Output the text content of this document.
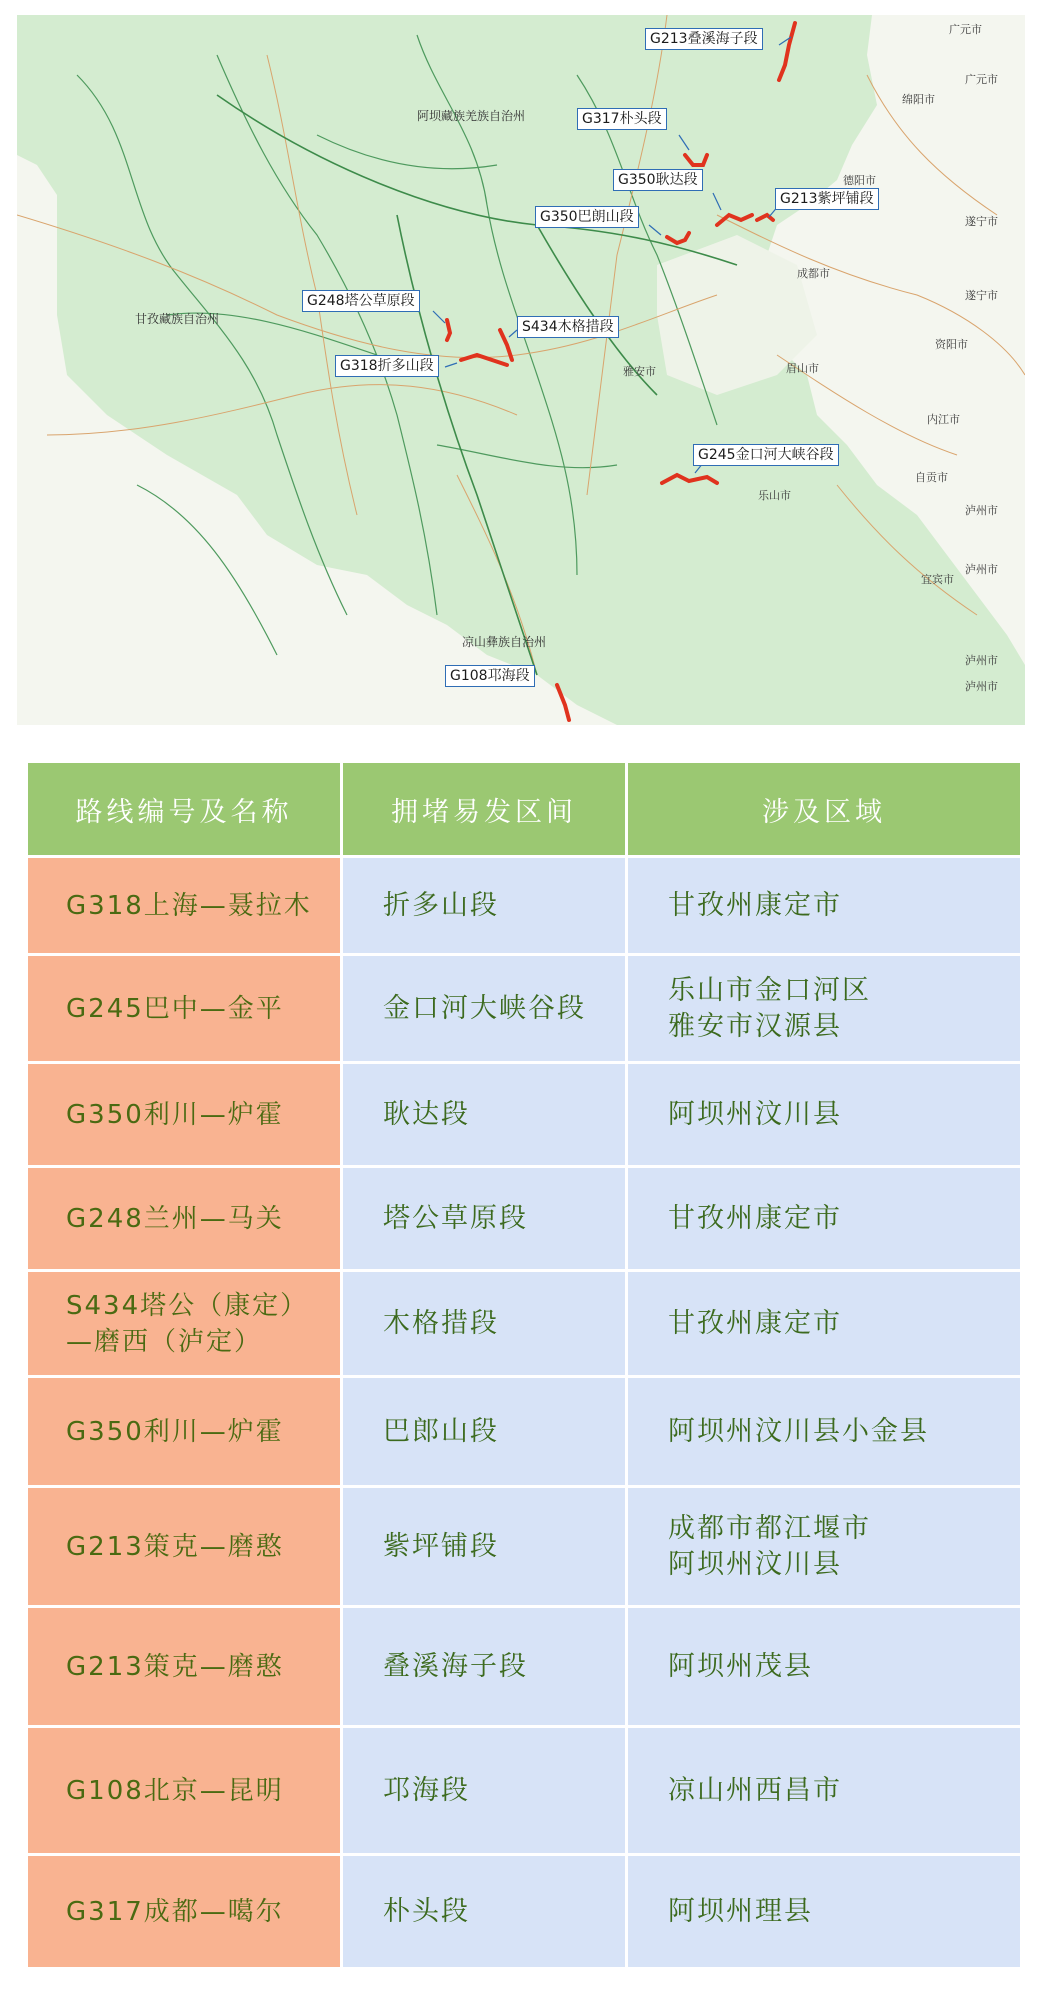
阿坝藏族羌族自治州
甘孜藏族自治州
凉山彝族自治州
广元市
广元市
绵阳市
德阳市
遂宁市
遂宁市
成都市
资阳市
雅安市	眉山市
内江市
自贡市
乐山市
泸州市
泸州市
宜宾市
泸州市
泸州市
G213叠溪海子段
G317朴头段
G350耿达段
G213紫坪铺段
G350巴朗山段
G248塔公草原段
S434木格措段
G318折多山段
G245金口河大峡谷段
G108邛海段
路线编号及名称	拥堵易发区间	涉及区域

G318上海—聂拉木	折多山段	甘孜州康定市

G245巴中—金平	金口河大峡谷段	乐山市金口河区
雅安市汉源县

G350利川—炉霍	耿达段	阿坝州汶川县

G248兰州—马关	塔公草原段	甘孜州康定市

S434塔公（康定）
—磨西（泸定）	木格措段	甘孜州康定市

G350利川—炉霍	巴郎山段	阿坝州汶川县小金县

G213策克—磨憨	紫坪铺段	成都市都江堰市
阿坝州汶川县

G213策克—磨憨	叠溪海子段	阿坝州茂县

G108北京—昆明	邛海段	凉山州西昌市

G317成都—噶尔	朴头段	阿坝州理县
